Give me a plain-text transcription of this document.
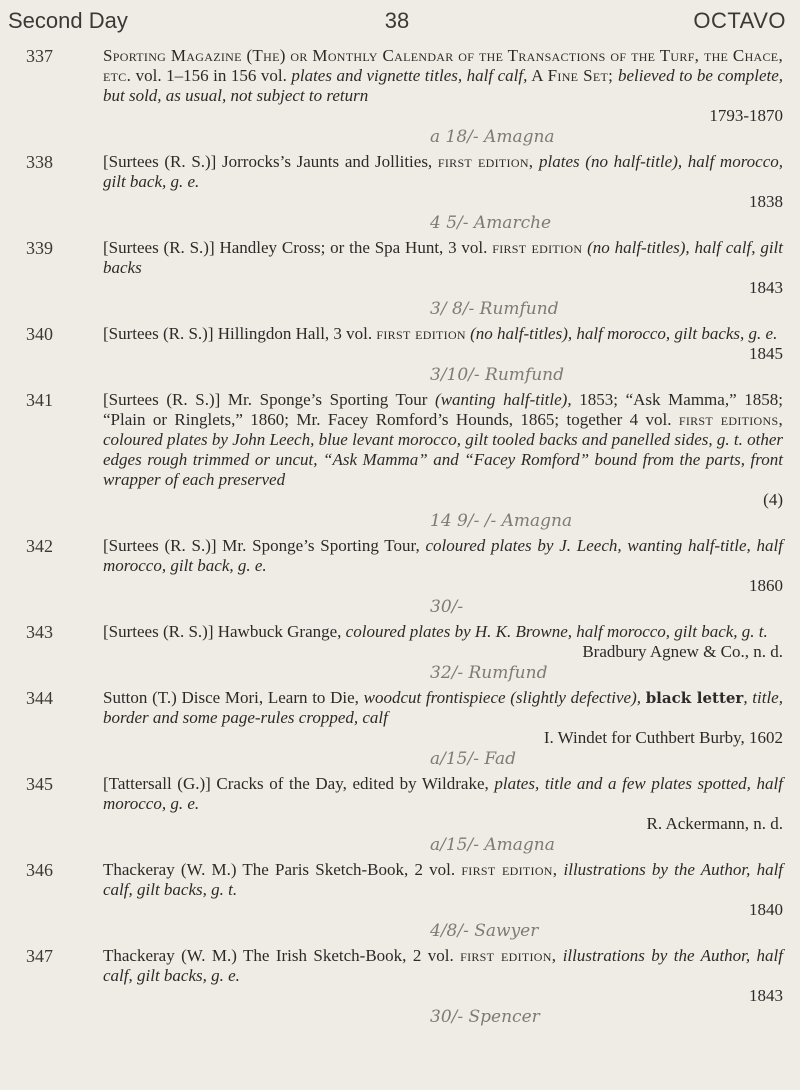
Second Day	38	OCTAVO
337	Sporting Magazine (The) or Monthly Calendar of the Transactions of the Turf, the Chace, etc. vol. 1–156 in 156 vol. plates and vignette titles, half calf, A Fine Set; believed to be complete, but sold, as usual, not subject to return
1793-1870
a 18/- Amagna
338	[Surtees (R. S.)] Jorrocks’s Jaunts and Jollities, first edition, plates (no half-title), half morocco, gilt back, g. e.
1838
4 5/- Amarche
339	[Surtees (R. S.)] Handley Cross; or the Spa Hunt, 3 vol. first edition (no half-titles), half calf, gilt backs
1843
3/ 8/- Rumfund
340	[Surtees (R. S.)] Hillingdon Hall, 3 vol. first edition (no half-titles), half morocco, gilt backs, g. e.
1845
3/10/- Rumfund
341	[Surtees (R. S.)] Mr. Sponge’s Sporting Tour (wanting half-title), 1853; “Ask Mamma,” 1858; “Plain or Ringlets,” 1860; Mr. Facey Romford’s Hounds, 1865; together 4 vol. first editions, coloured plates by John Leech, blue levant morocco, gilt tooled backs and panelled sides, g. t. other edges rough trimmed or uncut, “Ask Mamma” and “Facey Romford” bound from the parts, front wrapper of each preserved
(4)
14 9/- /- Amagna
342	[Surtees (R. S.)] Mr. Sponge’s Sporting Tour, coloured plates by J. Leech, wanting half-title, half morocco, gilt back, g. e.
1860
30/-
343	[Surtees (R. S.)] Hawbuck Grange, coloured plates by H. K. Browne, half morocco, gilt back, g. t.
Bradbury Agnew & Co., n. d.
32/- Rumfund
344	Sutton (T.) Disce Mori, Learn to Die, woodcut frontispiece (slightly defective), black letter, title, border and some page-rules cropped, calf
I. Windet for Cuthbert Burby, 1602
a/15/- Fad
345	[Tattersall (G.)] Cracks of the Day, edited by Wildrake, plates, title and a few plates spotted, half morocco, g. e.
R. Ackermann, n. d.
a/15/- Amagna
346	Thackeray (W. M.) The Paris Sketch-Book, 2 vol. first edition, illustrations by the Author, half calf, gilt backs, g. t.
1840
4/8/- Sawyer
347	Thackeray (W. M.) The Irish Sketch-Book, 2 vol. first edition, illustrations by the Author, half calf, gilt backs, g. e.
1843
30/- Spencer
